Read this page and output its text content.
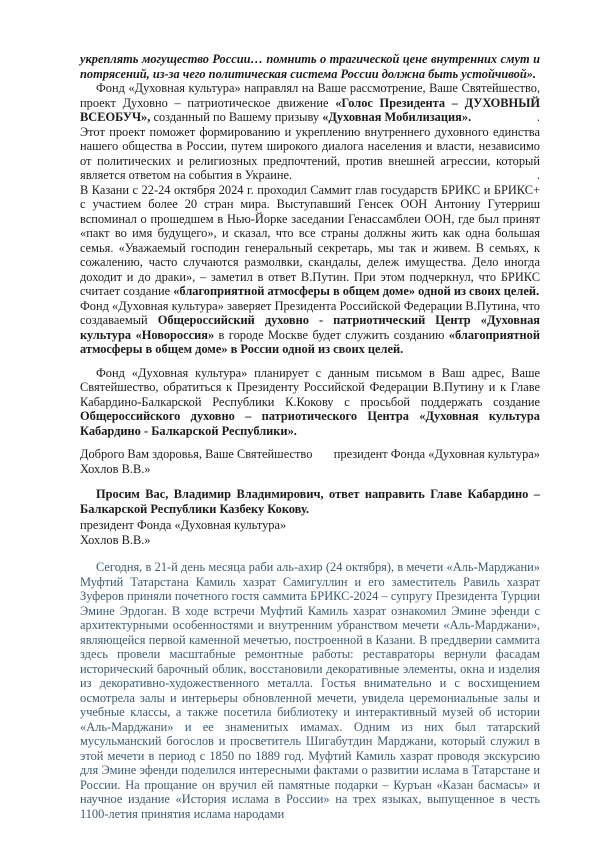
укреплять могущество России… помнить о трагической цене внутренних смут и потрясений, из-за чего политическая система России должна быть устойчивой».

Фонд «Духовная культура» направлял на Ваше рассмотрение, Ваше Святейшество, проект Духовно – патриотическое движение «Голос Президента – ДУХОВНЫЙ ВСЕОБУЧ», созданный по Вашему призыву «Духовная Мобилизация».	.

Этот проект поможет формированию и укреплению внутреннего духовного единства нашего общества в России, путем широкого диалога населения и власти, независимо от политических и религиозных предпочтений, против внешней агрессии, который является ответом на события в Украине.	.

В Казани с 22-24 октября 2024 г. проходил Саммит глав государств БРИКС и БРИКС+ с участием более 20 стран мира. Выступавший Генсек ООН Антониу Гутерриш вспоминал о прошедшем в Нью-Йорке заседании Генассамблеи ООН, где был принят «пакт во имя будущего», и сказал, что все страны должны жить как одна большая семья. «Уважаемый господин генеральный секретарь, мы так и живем. В семьях, к сожалению, часто случаются размолвки, скандалы, дележ имущества. Дело иногда доходит и до драки», – заметил в ответ В.Путин. При этом подчеркнул, что БРИКС считает создание «благоприятной атмосферы в общем доме» одной из своих целей.

Фонд «Духовная культура» заверяет Президента Российской Федерации В.Путина, что создаваемый Общероссийский духовно - патриотический Центр «Духовная культура «Новороссия» в городе Москве будет служить созданию «благоприятной атмосферы в общем доме» в России одной из своих целей.

Фонд «Духовная культура» планирует с данным письмом в Ваш адрес, Ваше Святейшество, обратиться к Президенту Российской Федерации В.Путину и к Главе Кабардино-Балкарской Республики К.Кокову с просьбой поддержать создание Общероссийского духовно – патриотического Центра «Духовная культура Кабардино - Балкарской Республики».

Доброго Вам здоровья, Ваше Святейшество президент Фонда «Духовная культура»

Хохлов В.В.»

Просим Вас, Владимир Владимирович, ответ направить Главе Кабардино – Балкарской Республики Казбеку Кокову.

президент Фонда «Духовная культура»

Хохлов В.В.»

Сегодня, в 21-й день месяца раби аль-ахир (24 октября), в мечети «Аль-Марджани» Муфтий Татарстана Камиль хазрат Самигуллин и его заместитель Равиль хазрат Зуферов приняли почетного гостя саммита БРИКС-2024 – супругу Президента Турции Эмине Эрдоган. В ходе встречи Муфтий Камиль хазрат ознакомил Эмине эфенди с архитектурными особенностями и внутренним убранством мечети «Аль-Марджани», являющейся первой каменной мечетью, построенной в Казани. В преддверии саммита здесь провели масштабные ремонтные работы: реставраторы вернули фасадам исторический барочный облик, восстановили декоративные элементы, окна и изделия из декоративно-художественного металла. Гостья внимательно и с восхищением осмотрела залы и интерьеры обновленной мечети, увидела церемониальные залы и учебные классы, а также посетила библиотеку и интерактивный музей об истории «Аль-Марджани» и ее знаменитых имамах. Одним из них был татарский мусульманский богослов и просветитель Шигабутдин Марджани, который служил в этой мечети в период с 1850 по 1889 год. Муфтий Камиль хазрат проводя экскурсию для Эмине эфенди поделился интересными фактами о развитии ислама в Татарстане и России. На прощание он вручил ей памятные подарки – Куръан «Казан басмасы» и научное издание «История ислама в России» на трех языках, выпущенное в честь 1100-летия принятия ислама народами
